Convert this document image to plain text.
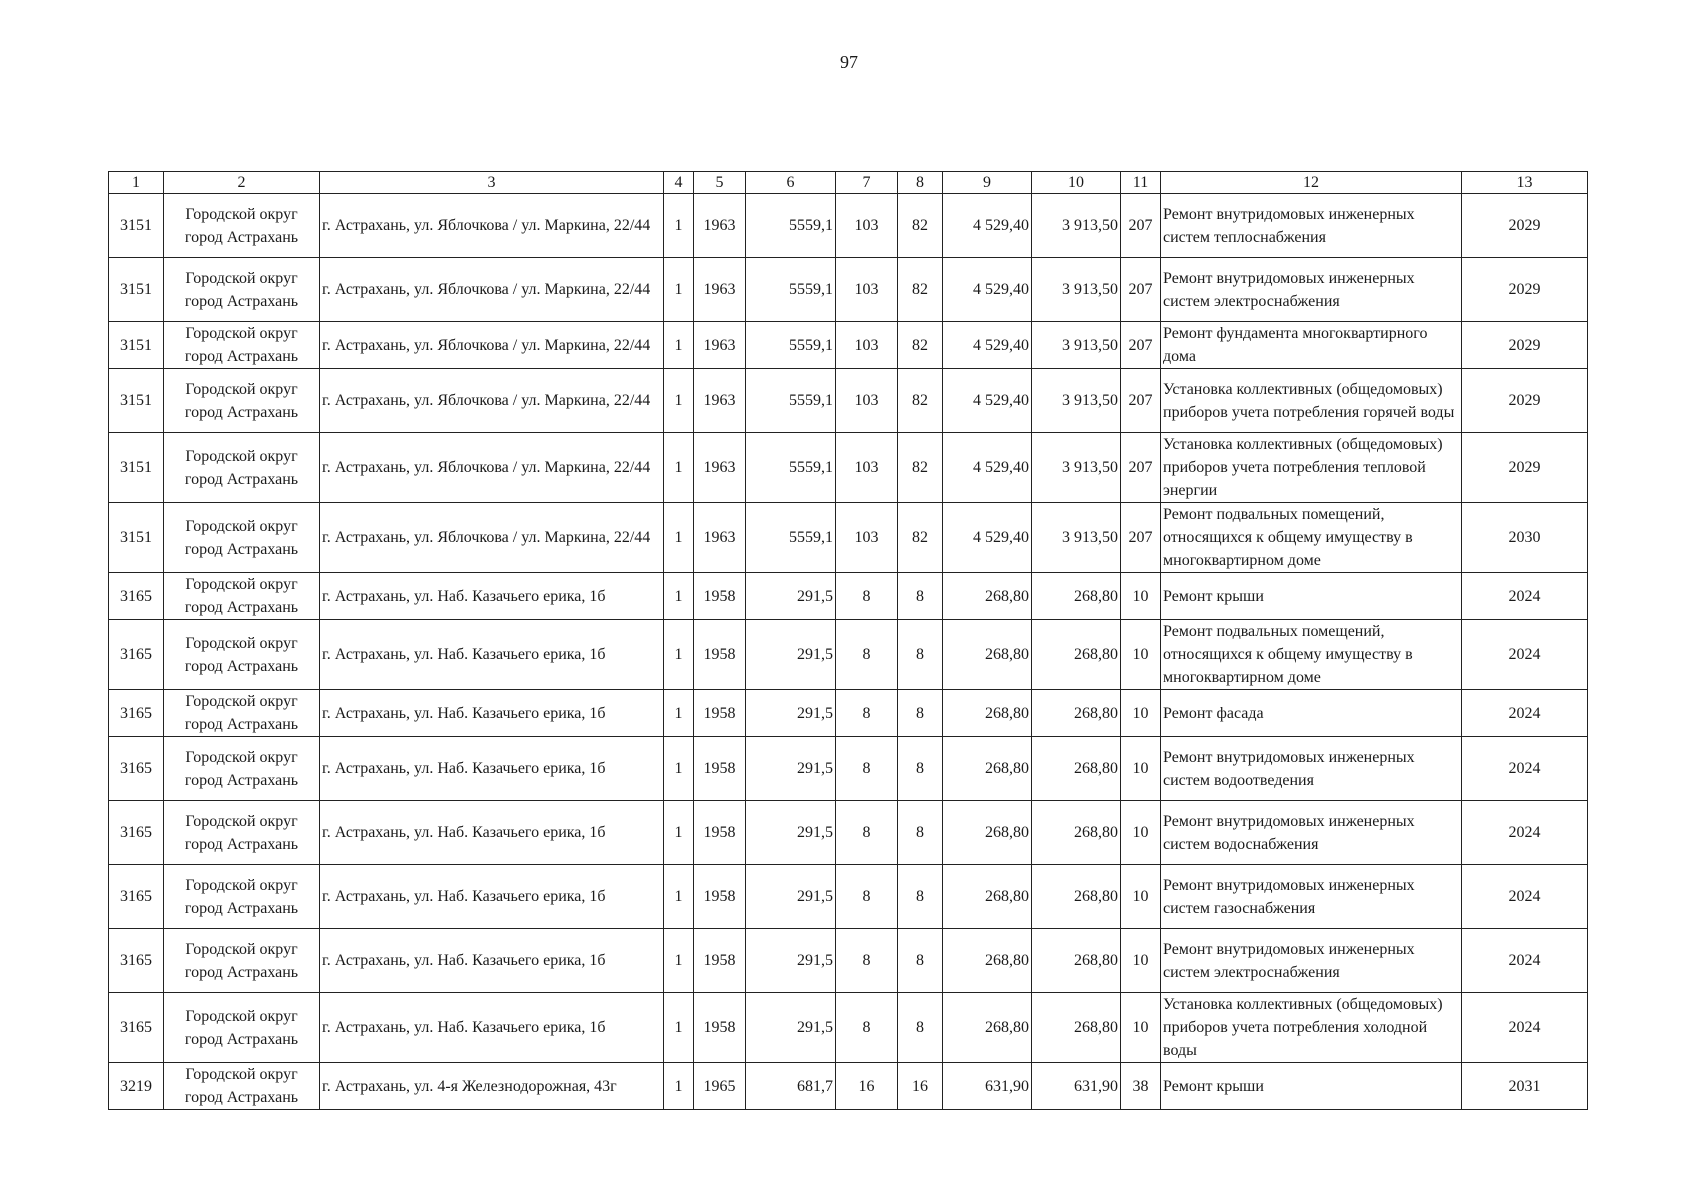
97
1	2	3	4	5	6	7	8	9	10	11	12	13
3151	Городской округ город Астрахань	г. Астрахань, ул. Яблочкова / ул. Маркина, 22/44	1	1963	5559,1	103	82	4 529,40	3 913,50	207	Ремонт внутридомовых инженерных систем теплоснабжения	2029
3151	Городской округ город Астрахань	г. Астрахань, ул. Яблочкова / ул. Маркина, 22/44	1	1963	5559,1	103	82	4 529,40	3 913,50	207	Ремонт внутридомовых инженерных систем электроснабжения	2029
3151	Городской округ город Астрахань	г. Астрахань, ул. Яблочкова / ул. Маркина, 22/44	1	1963	5559,1	103	82	4 529,40	3 913,50	207	Ремонт фундамента многоквартирного дома	2029
3151	Городской округ город Астрахань	г. Астрахань, ул. Яблочкова / ул. Маркина, 22/44	1	1963	5559,1	103	82	4 529,40	3 913,50	207	Установка коллективных (общедомовых) приборов учета потребления горячей воды	2029
3151	Городской округ город Астрахань	г. Астрахань, ул. Яблочкова / ул. Маркина, 22/44	1	1963	5559,1	103	82	4 529,40	3 913,50	207	Установка коллективных (общедомовых) приборов учета потребления тепловой энергии	2029
3151	Городской округ город Астрахань	г. Астрахань, ул. Яблочкова / ул. Маркина, 22/44	1	1963	5559,1	103	82	4 529,40	3 913,50	207	Ремонт подвальных помещений, относящихся к общему имуществу в многоквартирном доме	2030
3165	Городской округ город Астрахань	г. Астрахань, ул. Наб. Казачьего ерика, 1б	1	1958	291,5	8	8	268,80	268,80	10	Ремонт крыши	2024
3165	Городской округ город Астрахань	г. Астрахань, ул. Наб. Казачьего ерика, 1б	1	1958	291,5	8	8	268,80	268,80	10	Ремонт подвальных помещений, относящихся к общему имуществу в многоквартирном доме	2024
3165	Городской округ город Астрахань	г. Астрахань, ул. Наб. Казачьего ерика, 1б	1	1958	291,5	8	8	268,80	268,80	10	Ремонт фасада	2024
3165	Городской округ город Астрахань	г. Астрахань, ул. Наб. Казачьего ерика, 1б	1	1958	291,5	8	8	268,80	268,80	10	Ремонт внутридомовых инженерных систем водоотведения	2024
3165	Городской округ город Астрахань	г. Астрахань, ул. Наб. Казачьего ерика, 1б	1	1958	291,5	8	8	268,80	268,80	10	Ремонт внутридомовых инженерных систем водоснабжения	2024
3165	Городской округ город Астрахань	г. Астрахань, ул. Наб. Казачьего ерика, 1б	1	1958	291,5	8	8	268,80	268,80	10	Ремонт внутридомовых инженерных систем газоснабжения	2024
3165	Городской округ город Астрахань	г. Астрахань, ул. Наб. Казачьего ерика, 1б	1	1958	291,5	8	8	268,80	268,80	10	Ремонт внутридомовых инженерных систем электроснабжения	2024
3165	Городской округ город Астрахань	г. Астрахань, ул. Наб. Казачьего ерика, 1б	1	1958	291,5	8	8	268,80	268,80	10	Установка коллективных (общедомовых) приборов учета потребления холодной воды	2024
3219	Городской округ город Астрахань	г. Астрахань, ул. 4-я Железнодорожная, 43г	1	1965	681,7	16	16	631,90	631,90	38	Ремонт крыши	2031
